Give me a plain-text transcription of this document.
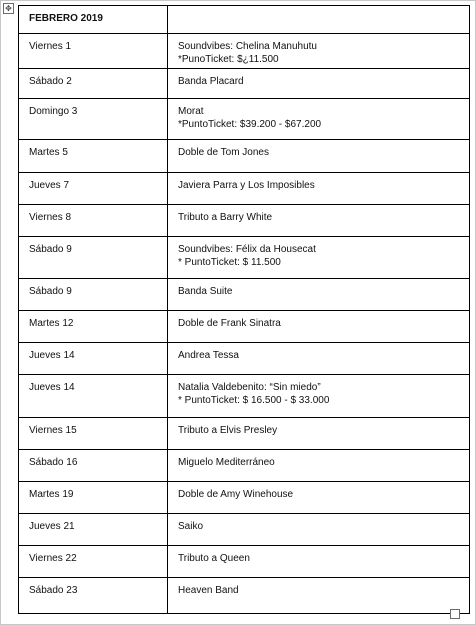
✥
FEBRERO 2019	
Viernes 1	Soundvibes: Chelina Manuhutu
*PunoTicket: $¿11.500

Sábado 2	Banda Placard

Domingo 3	Morat
*PuntoTicket: $39.200 - $67.200

Martes 5	Doble de Tom Jones

Jueves 7	Javiera Parra y Los Imposibles

Viernes 8	Tributo a Barry White

Sábado 9	Soundvibes: Félix da Housecat
* PuntoTicket: $ 11.500

Sábado 9	Banda Suite

Martes 12	Doble de Frank Sinatra

Jueves 14	Andrea Tessa

Jueves 14	Natalia Valdebenito: “Sin miedo”
* PuntoTicket: $ 16.500 - $ 33.000

Viernes 15	Tributo a Elvis Presley

Sábado 16	Miguelo Mediterráneo

Martes 19	Doble de Amy Winehouse

Jueves 21	Saiko

Viernes 22	Tributo a Queen

Sábado 23	Heaven Band
